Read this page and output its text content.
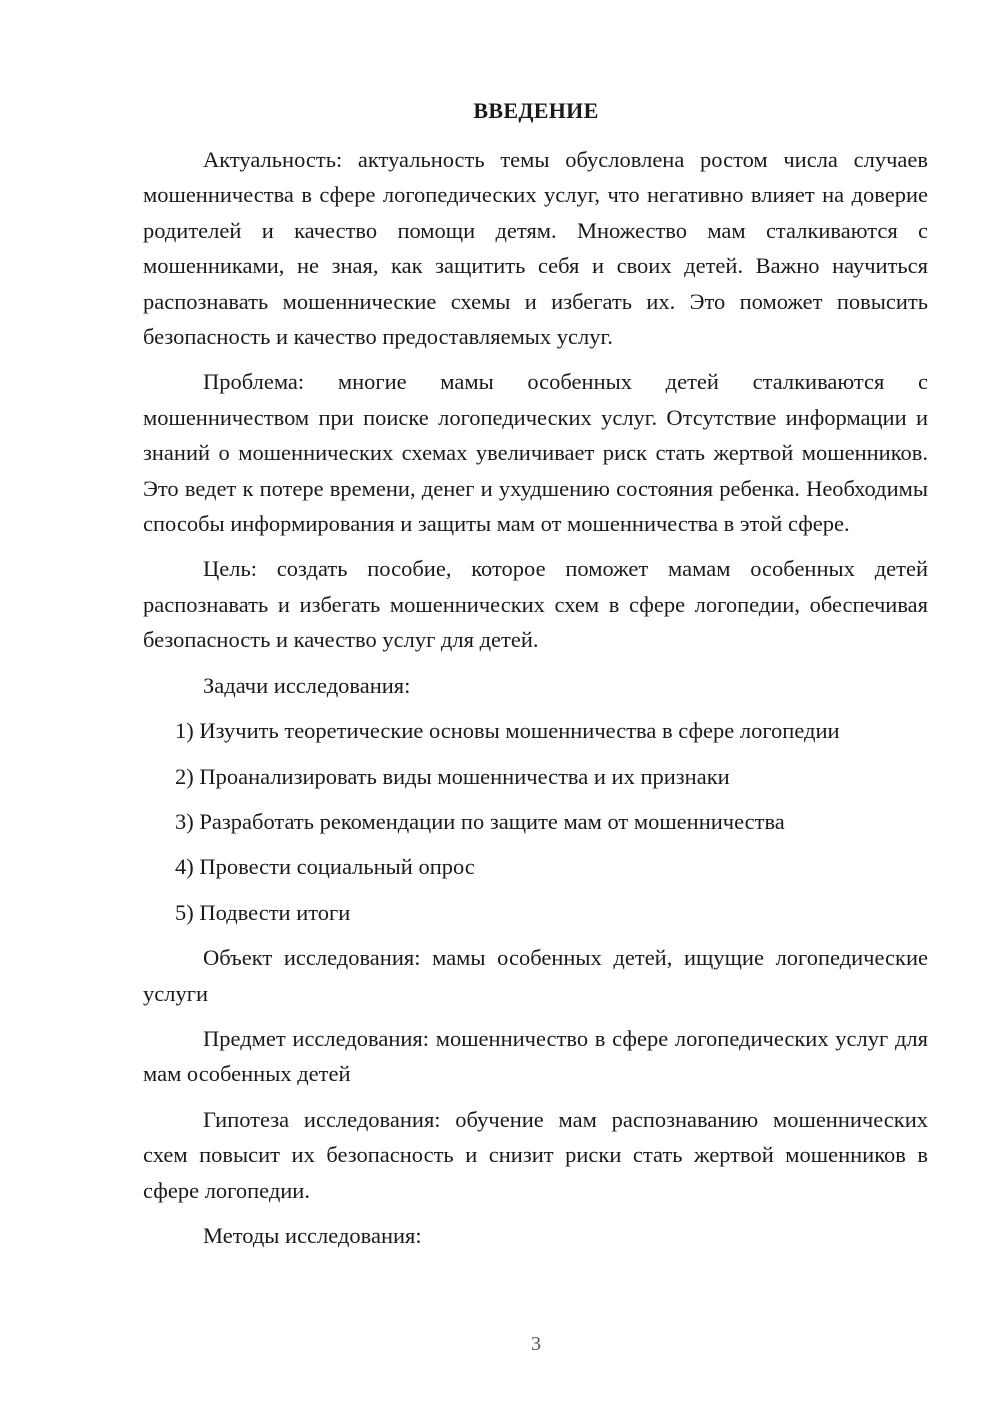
ВВЕДЕНИЕ

Актуальность: актуальность темы обусловлена ростом числа случаев мошенничества в сфере логопедических услуг, что негативно влияет на доверие родителей и качество помощи детям. Множество мам сталкиваются с мошенниками, не зная, как защитить себя и своих детей. Важно научиться распознавать мошеннические схемы и избегать их. Это поможет повысить безопасность и качество предоставляемых услуг.

Проблема: многие мамы особенных детей сталкиваются с мошенничеством при поиске логопедических услуг. Отсутствие информации и знаний о мошеннических схемах увеличивает риск стать жертвой мошенников. Это ведет к потере времени, денег и ухудшению состояния ребенка. Необходимы способы информирования и защиты мам от мошенничества в этой сфере.

Цель: создать пособие, которое поможет мамам особенных детей распознавать и избегать мошеннических схем в сфере логопедии, обеспечивая безопасность и качество услуг для детей.

Задачи исследования:

1) Изучить теоретические основы мошенничества в сфере логопедии
2) Проанализировать виды мошенничества и их признаки
3) Разработать рекомендации по защите мам от мошенничества
4) Провести социальный опрос
5) Подвести итоги

Объект исследования: мамы особенных детей, ищущие логопедические услуги

Предмет исследования: мошенничество в сфере логопедических услуг для мам особенных детей

Гипотеза исследования: обучение мам распознаванию мошеннических схем повысит их безопасность и снизит риски стать жертвой мошенников в сфере логопедии.

Методы исследования:

3
